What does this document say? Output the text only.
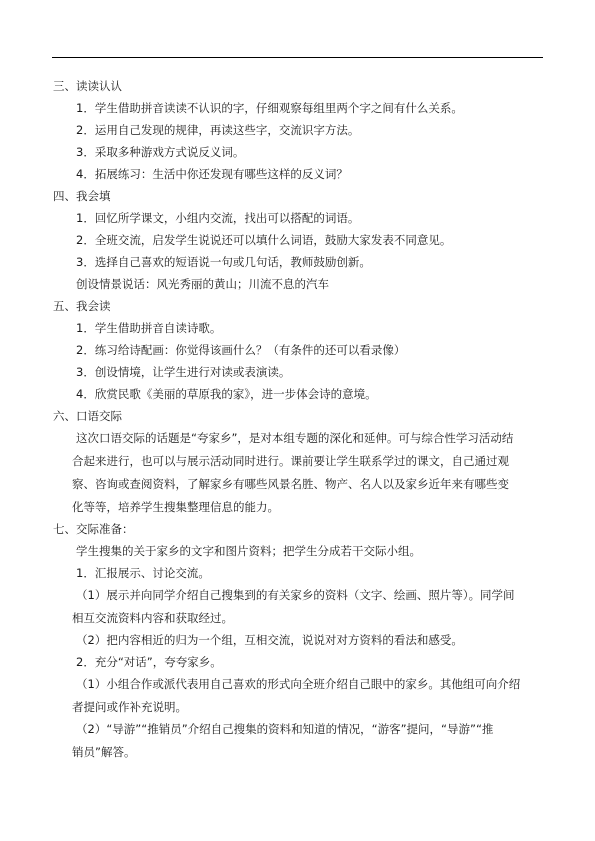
三、读读认认
1．学生借助拼音读读不认识的字，仔细观察每组里两个字之间有什么关系。
2．运用自己发现的规律，再读这些字，交流识字方法。
3．采取多种游戏方式说反义词。
4．拓展练习：生活中你还发现有哪些这样的反义词？
四、我会填
1．回忆所学课文，小组内交流，找出可以搭配的词语。
2．全班交流，启发学生说说还可以填什么词语，鼓励大家发表不同意见。
3．选择自己喜欢的短语说一句或几句话，教师鼓励创新。
创设情景说话：风光秀丽的黄山；川流不息的汽车
五、我会读
1．学生借助拼音自读诗歌。
2．练习给诗配画：你觉得该画什么？（有条件的还可以看录像）
3．创设情境，让学生进行对读或表演读。
4．欣赏民歌《美丽的草原我的家》，进一步体会诗的意境。
六、口语交际
这次口语交际的话题是“夸家乡”，是对本组专题的深化和延伸。可与综合性学习活动结
合起来进行，也可以与展示活动同时进行。课前要让学生联系学过的课文，自己通过观
察、咨询或查阅资料，了解家乡有哪些风景名胜、物产、名人以及家乡近年来有哪些变
化等等，培养学生搜集整理信息的能力。
七、交际准备：
学生搜集的关于家乡的文字和图片资料；把学生分成若干交际小组。
1．汇报展示、讨论交流。
（1）展示并向同学介绍自己搜集到的有关家乡的资料（文字、绘画、照片等）。同学间
相互交流资料内容和获取经过。
（2）把内容相近的归为一个组，互相交流，说说对对方资料的看法和感受。
2．充分“对话”，夸夸家乡。
（1）小组合作或派代表用自己喜欢的形式向全班介绍自己眼中的家乡。其他组可向介绍
者提问或作补充说明。
（2）“导游”“推销员”介绍自己搜集的资料和知道的情况，“游客”提问，“导游”“推
销员”解答。
